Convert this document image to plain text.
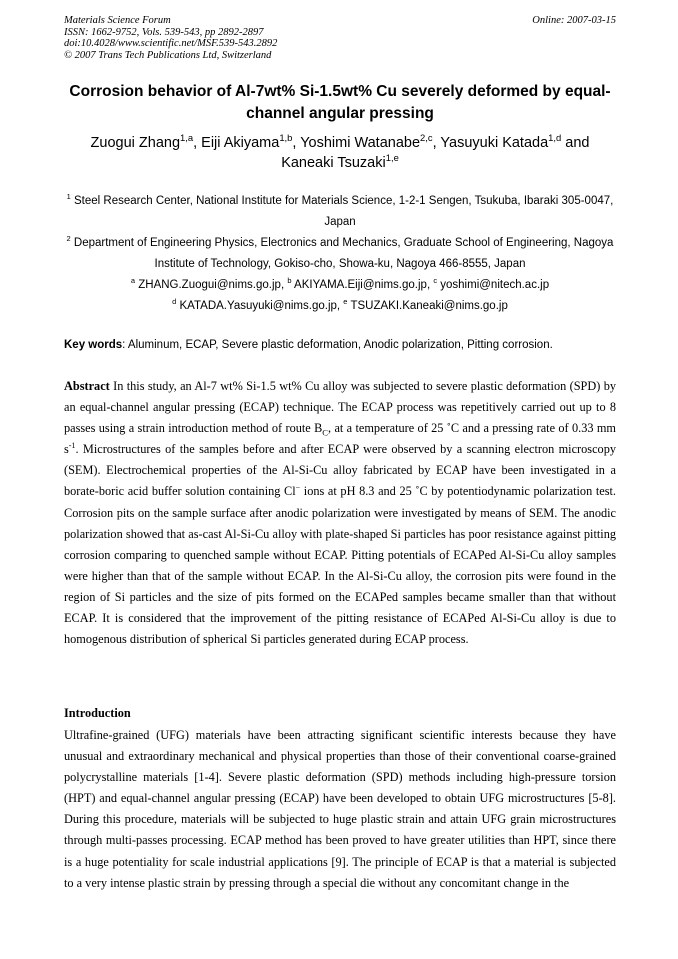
Materials Science Forum
ISSN: 1662-9752, Vols. 539-543, pp 2892-2897
doi:10.4028/www.scientific.net/MSF.539-543.2892
© 2007 Trans Tech Publications Ltd, Switzerland
Online: 2007-03-15
Corrosion behavior of Al-7wt% Si-1.5wt% Cu severely deformed by equal-channel angular pressing
Zuogui Zhang$^{1,a}$, Eiji Akiyama$^{1,b}$, Yoshimi Watanabe$^{2,c}$, Yasuyuki Katada$^{1,d}$ and
Kaneaki Tsuzaki$^{1,e}$
$^1$ Steel Research Center, National Institute for Materials Science, 1-2-1 Sengen, Tsukuba, Ibaraki 305-0047, Japan
$^2$ Department of Engineering Physics, Electronics and Mechanics, Graduate School of Engineering, Nagoya Institute of Technology, Gokiso-cho, Showa-ku, Nagoya 466-8555, Japan
$^a$ ZHANG.Zuogui@nims.go.jp, $^b$ AKIYAMA.Eiji@nims.go.jp, $^c$ yoshimi@nitech.ac.jp
$^d$ KATADA.Yasuyuki@nims.go.jp, $^e$ TSUZAKI.Kaneaki@nims.go.jp
Key words: Aluminum, ECAP, Severe plastic deformation, Anodic polarization, Pitting corrosion.
Abstract In this study, an Al-7 wt% Si-1.5 wt% Cu alloy was subjected to severe plastic deformation (SPD) by an equal-channel angular pressing (ECAP) technique. The ECAP process was repetitively carried out up to 8 passes using a strain introduction method of route $B_C$, at a temperature of 25 ˚C and a pressing rate of 0.33 mm $s^{-1}$. Microstructures of the samples before and after ECAP were observed by a scanning electron microscopy (SEM). Electrochemical properties of the Al-Si-Cu alloy fabricated by ECAP have been investigated in a borate-boric acid buffer solution containing Cl− ions at pH 8.3 and 25 ˚C by potentiodynamic polarization test. Corrosion pits on the sample surface after anodic polarization were investigated by means of SEM. The anodic polarization showed that as-cast Al-Si-Cu alloy with plate-shaped Si particles has poor resistance against pitting corrosion comparing to quenched sample without ECAP. Pitting potentials of ECAPed Al-Si-Cu alloy samples were higher than that of the sample without ECAP. In the Al-Si-Cu alloy, the corrosion pits were found in the region of Si particles and the size of pits formed on the ECAPed samples became smaller than that without ECAP. It is considered that the improvement of the pitting resistance of ECAPed Al-Si-Cu alloy is due to homogenous distribution of spherical Si particles generated during ECAP process.
Introduction
Ultrafine-grained (UFG) materials have been attracting significant scientific interests because they have unusual and extraordinary mechanical and physical properties than those of their conventional coarse-grained polycrystalline materials [1-4]. Severe plastic deformation (SPD) methods including high-pressure torsion (HPT) and equal-channel angular pressing (ECAP) have been developed to obtain UFG microstructures [5-8]. During this procedure, materials will be subjected to huge plastic strain and attain UFG grain microstructures through multi-passes processing. ECAP method has been proved to have greater utilities than HPT, since there is a huge potentiality for scale industrial applications [9]. The principle of ECAP is that a material is subjected to a very intense plastic strain by pressing through a special die without any concomitant change in the
